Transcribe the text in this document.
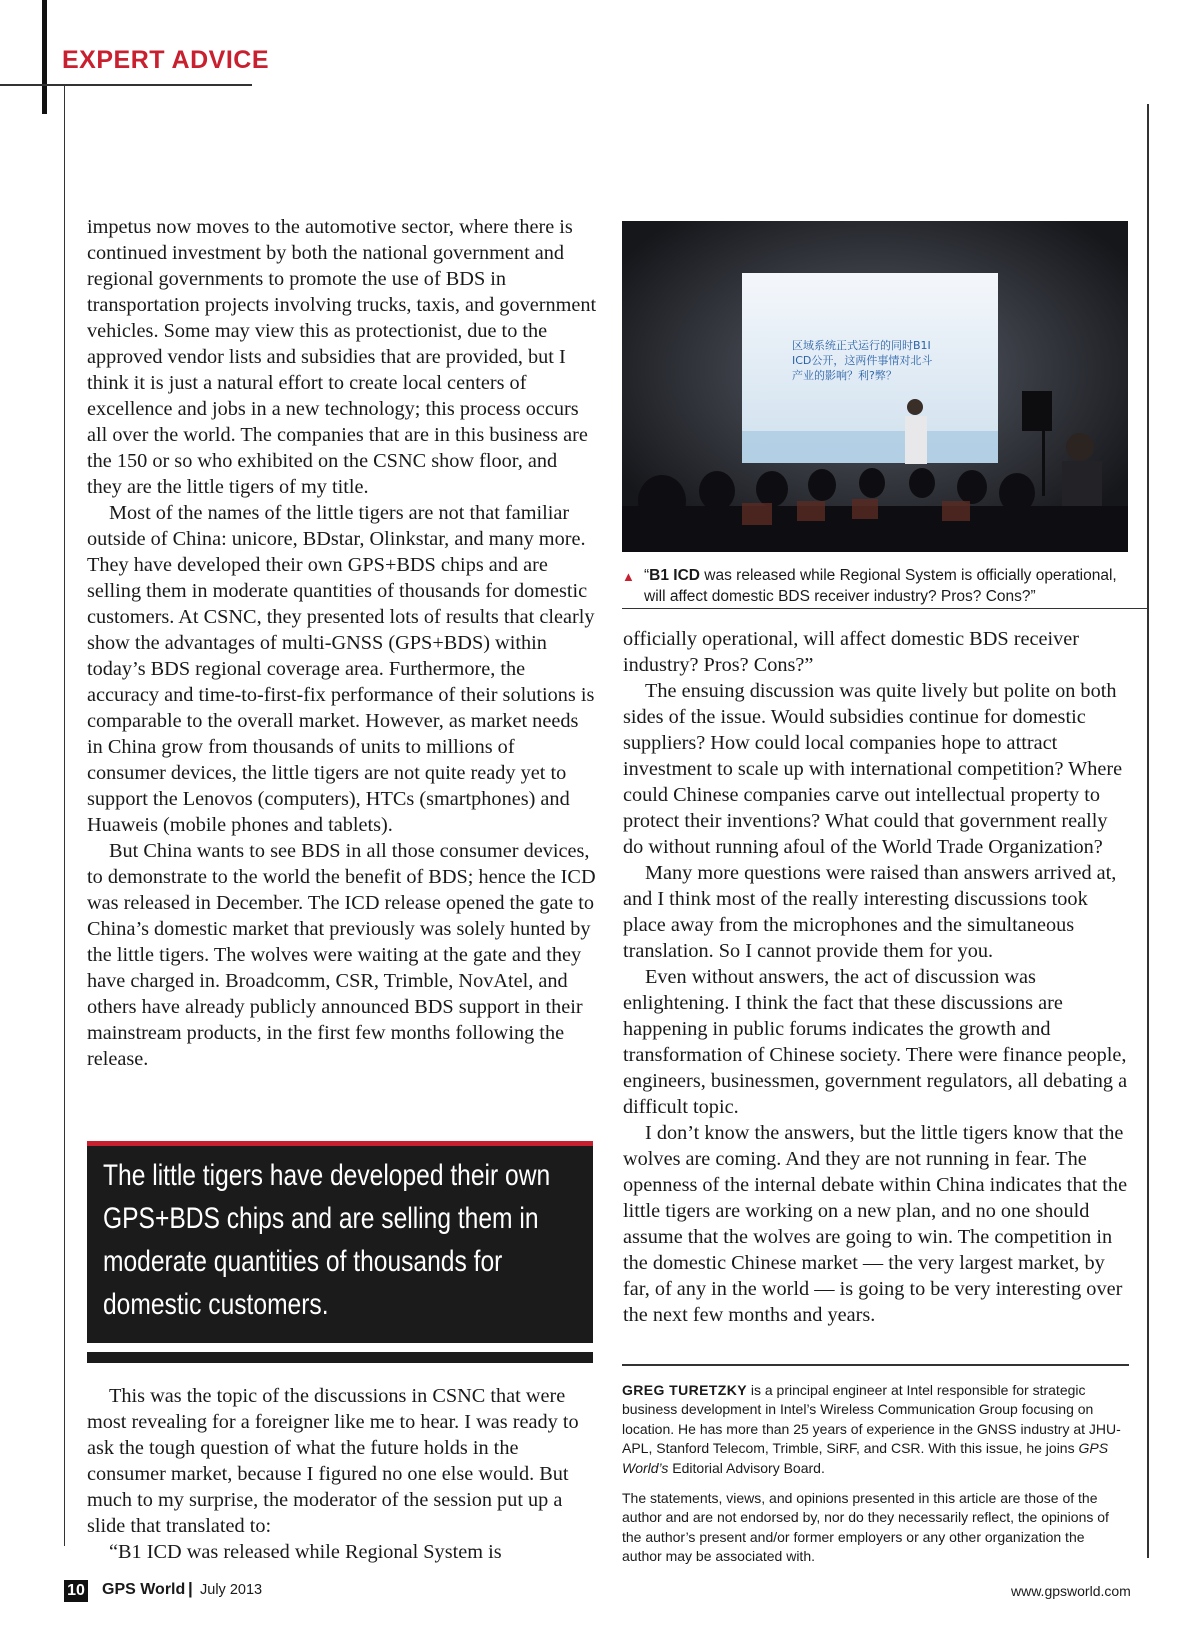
EXPERT ADVICE

impetus now moves to the automotive sector, where there is continued investment by both the national government and regional governments to promote the use of BDS in transportation projects involving trucks, taxis, and government vehicles. Some may view this as protectionist, due to the approved vendor lists and subsidies that are provided, but I think it is just a natural effort to create local centers of excellence and jobs in a new technology; this process occurs all over the world. The companies that are in this business are the 150 or so who exhibited on the CSNC show floor, and they are the little tigers of my title.

Most of the names of the little tigers are not that familiar outside of China: unicore, BDstar, Olinkstar, and many more. They have developed their own GPS+BDS chips and are selling them in moderate quantities of thousands for domestic customers. At CSNC, they presented lots of results that clearly show the advantages of multi-GNSS (GPS+BDS) within today’s BDS regional coverage area. Furthermore, the accuracy and time-to-first-fix performance of their solutions is comparable to the overall market. However, as market needs in China grow from thousands of units to millions of consumer devices, the little tigers are not quite ready yet to support the Lenovos (computers), HTCs (smartphones) and Huaweis (mobile phones and tablets).

But China wants to see BDS in all those consumer devices, to demonstrate to the world the benefit of BDS; hence the ICD was released in December. The ICD release opened the gate to China’s domestic market that previously was solely hunted by the little tigers. The wolves were waiting at the gate and they have charged in. Broadcomm, CSR, Trimble, NovAtel, and others have already publicly announced BDS support in their mainstream products, in the first few months following the release.

The little tigers have developed their own GPS+BDS chips and are selling them in moderate quantities of thousands for domestic customers.

This was the topic of the discussions in CSNC that were most revealing for a foreigner like me to hear. I was ready to ask the tough question of what the future holds in the consumer market, because I figured no one else would. But much to my surprise, the moderator of the session put up a slide that translated to:

“B1 ICD was released while Regional System is

区域系统正式运行的同时B1I
ICD公开，这两件事情对北斗
产业的影响？利?弊？
▲ “B1 ICD was released while Regional System is officially operational, will affect domestic BDS receiver industry? Pros? Cons?”

officially operational, will affect domestic BDS receiver industry? Pros? Cons?”

The ensuing discussion was quite lively but polite on both sides of the issue. Would subsidies continue for domestic suppliers? How could local companies hope to attract investment to scale up with international competition? Where could Chinese companies carve out intellectual property to protect their inventions? What could that government really do without running afoul of the World Trade Organization?

Many more questions were raised than answers arrived at, and I think most of the really interesting discussions took place away from the microphones and the simultaneous translation. So I cannot provide them for you.

Even without answers, the act of discussion was enlightening. I think the fact that these discussions are happening in public forums indicates the growth and transformation of Chinese society. There were finance people, engineers, businessmen, government regulators, all debating a difficult topic.

I don’t know the answers, but the little tigers know that the wolves are coming. And they are not running in fear. The openness of the internal debate within China indicates that the little tigers are working on a new plan, and no one should assume that the wolves are going to win. The competition in the domestic Chinese market — the very largest market, by far, of any in the world — is going to be very interesting over the next few months and years.

GREG TURETZKY is a principal engineer at Intel responsible for strategic business development in Intel’s Wireless Communication Group focusing on location. He has more than 25 years of experience in the GNSS industry at JHU-APL, Stanford Telecom, Trimble, SiRF, and CSR. With this issue, he joins GPS World’s Editorial Advisory Board.
The statements, views, and opinions presented in this article are those of the author and are not endorsed by, nor do they necessarily reflect, the opinions of the author’s present and/or former employers or any other organization the author may be associated with.
10 GPS World | July 2013	www.gpsworld.com
